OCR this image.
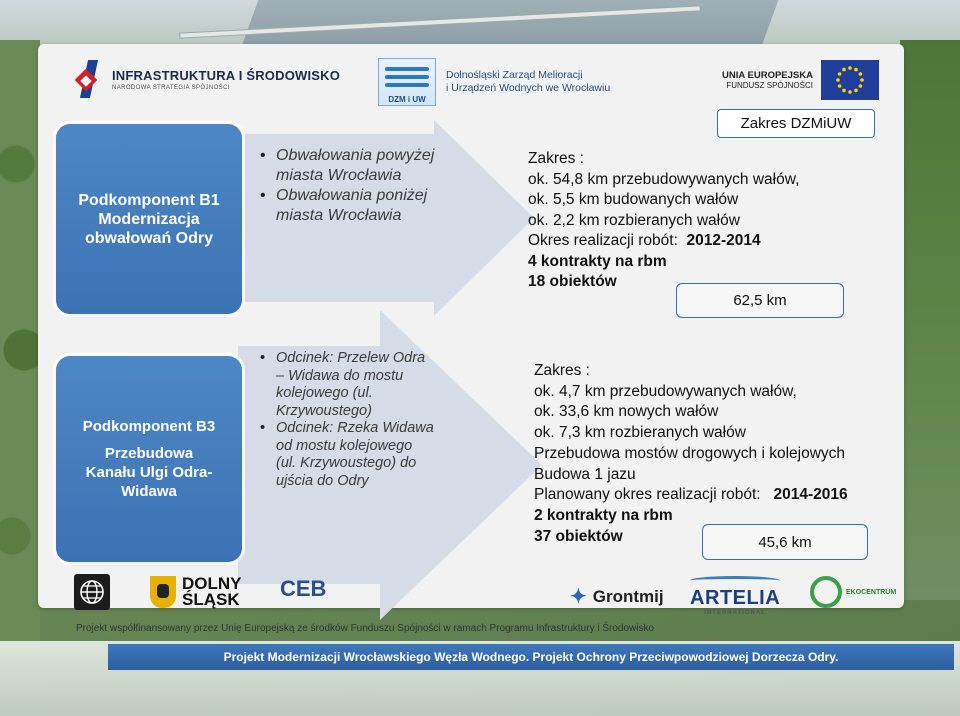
INFRASTRUKTURA I ŚRODOWISKO
NARODOWA STRATEGIA SPÓJNOŚCI
DZM i UW
Dolnośląski Zarząd Melioracji
i Urządzeń Wodnych we Wrocławiu
UNIA EUROPEJSKA
FUNDUSZ SPÓJNOŚCI
Zakres DZMiUW
Podkomponent B1
Modernizacja
obwałowań Odry
• Obwałowania powyżej miasta Wrocławia
• Obwałowania poniżej miasta Wrocławia
Zakres :
ok. 54,8 km przebudowywanych wałów,
ok. 5,5 km budowanych wałów
ok. 2,2 km rozbieranych wałów
Okres realizacji robót: 2012-2014
4 kontrakty na rbm
18 obiektów
62,5 km
Podkomponent B3
Przebudowa
Kanału Ulgi Odra-
Widawa
• Odcinek: Przelew Odra – Widawa do mostu kolejowego (ul. Krzywoustego)
• Odcinek: Rzeka Widawa od mostu kolejowego (ul. Krzywoustego) do ujścia do Odry
Zakres :
ok. 4,7 km przebudowywanych wałów,
ok. 33,6 km nowych wałów
ok. 7,3 km rozbieranych wałów
Przebudowa mostów drogowych i kolejowych
Budowa 1 jazu
Planowany okres realizacji robót: 2014-2016
2 kontrakty na rbm
37 obiektów	45,6 km
DOLNY
ŚLĄSK CEB	✦ Grontmij ARTELIA
INTERNATIONAL
EKOCENTRUM
Projekt współfinansowany przez Unię Europejską ze środków Funduszu Spójności w ramach Programu Infrastruktury i Środowisko
Projekt Modernizacji Wrocławskiego Węzła Wodnego. Projekt Ochrony Przeciwpowodziowej Dorzecza Odry.
